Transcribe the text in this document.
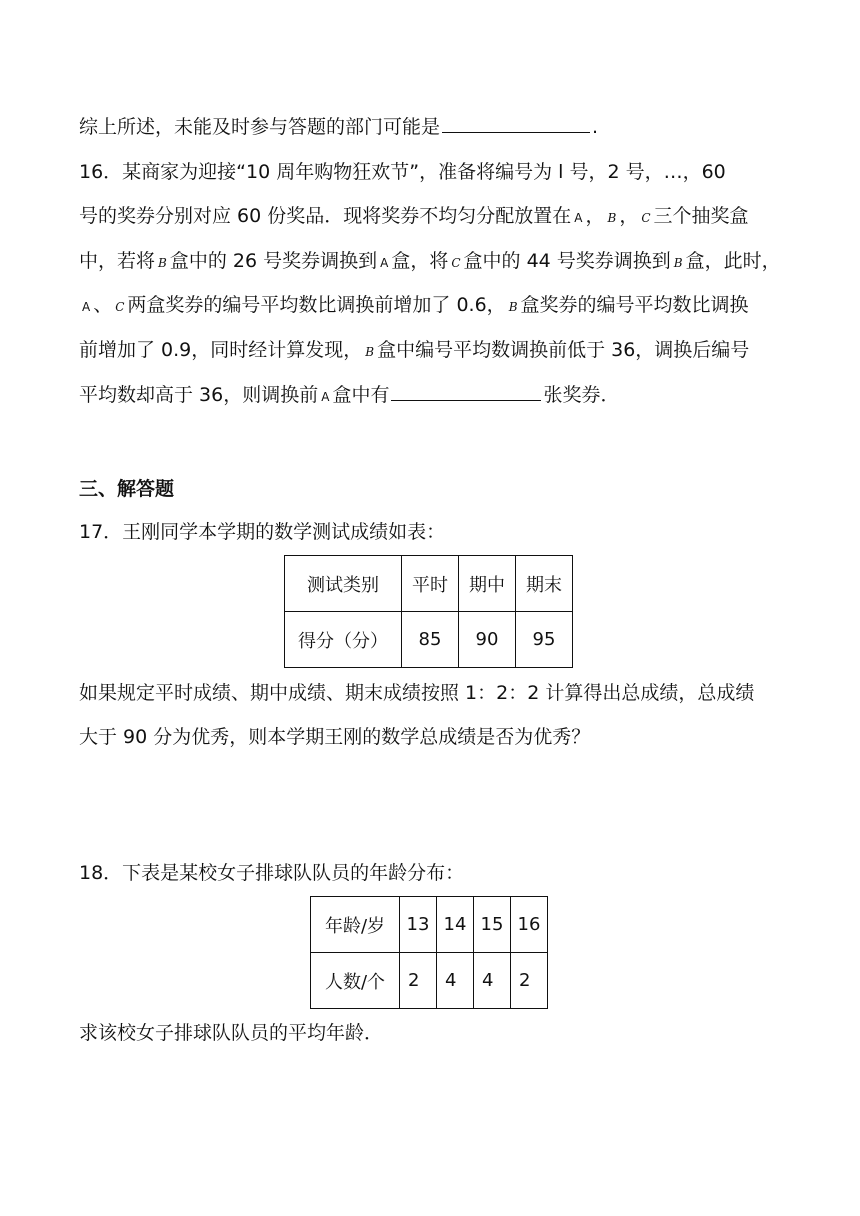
综上所述，未能及时参与答题的部门可能是	.
16．某商家为迎接“10 周年购物狂欢节”，准备将编号为 l 号，2 号，…，60
号的奖券分别对应 60 份奖品．现将奖券不均匀分配放置在 A ， B ， C 三个抽奖盒
中，若将 B 盒中的 26 号奖券调换到 A 盒，将 C 盒中的 44 号奖券调换到 B 盒，此时，
A 、 C 两盒奖券的编号平均数比调换前增加了 0.6， B 盒奖券的编号平均数比调换
前增加了 0.9，同时经计算发现， B 盒中编号平均数调换前低于 36，调换后编号
平均数却高于 36，则调换前 A 盒中有	张奖券．
三、解答题
17．王刚同学本学期的数学测试成绩如表：
测试类别	平时	期中	期末
得分（分）	85	90	95
如果规定平时成绩、期中成绩、期末成绩按照 1：2：2 计算得出总成绩，总成绩
大于 90 分为优秀，则本学期王刚的数学总成绩是否为优秀？
18．下表是某校女子排球队队员的年龄分布：
年龄/岁	13	14	15	16
人数/个	2	4	4	2
求该校女子排球队队员的平均年龄．
